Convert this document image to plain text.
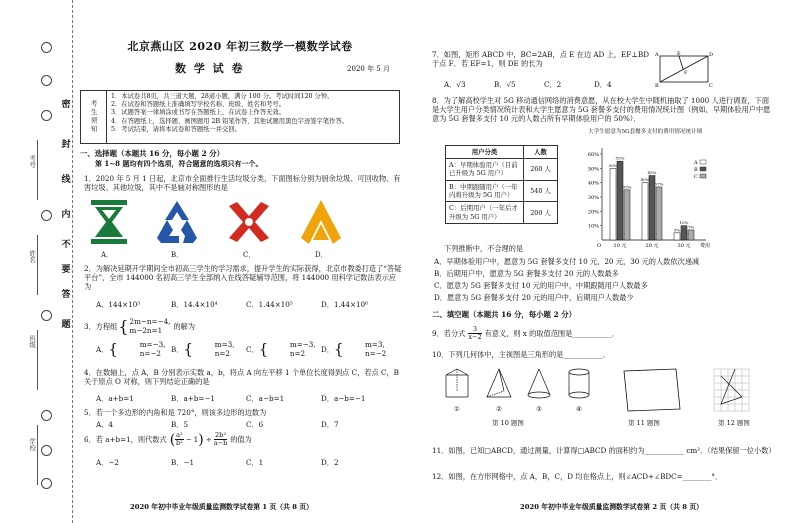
考号
姓名
班级
学校
密
封
线
内
不
要
答
题
北京燕山区 2020 年初三数学一模数学试卷
数 学 试 卷	2020 年 5 月
考生须知
1．本试卷共8页，共三道大题，28道小题，满分 100 分。考试时间120 分钟。
2．在试卷和答题纸上准确填写学校名称、班级、姓名和考号。
3．试题答案一律填涂或书写在答题纸上，在试卷上作答无效。
4．在答题纸上，选择题、画图题用 2B 铅笔作答，其他试题用黑色字迹签字笔作答。
5．考试结束，请将本试卷和答题纸一并交回。
一、选择题（本题共 16 分，每小题 2 分）
第 1~8 题均有四个选项，符合题意的选项只有一个。
1．2020 年 5 月 1 日起，北京市全面推行生活垃圾分类，下面图标分别为厨余垃圾、可回收物、有害垃圾、其他垃圾，其中不是轴对称图形的是
A．	B．	C．	D．
2．为解决延期开学期间全市初高三学生的学习需求，提升学生的实际获得，北京市教委打造了“答疑平台”，全市 144000 名初高三学生全部纳入在线答疑辅导范围，将 144000 用科学记数法表示应为
A．144×10³	B．14.4×10⁴	C．1.44×10⁵	D．1.44×10⁶
3．方程组 { 2m−n=−4,
m−2n=1	的解为
A． {	m=−3,
n=−2	B． {	m=3,
n=2	C． {	m=−3,
n=2	D． {	m=3,
n=−2
4．在数轴上，点 A，B 分别表示实数 a，b，将点 A 向左平移 1 个单位长度得到点 C，若点 C，B 关于原点 O 对称，则下列结论正确的是
A．a+b=1	B．a+b=−1	C．a−b=1	D．a−b=−1
5．若一个多边形的内角和是 720°，则该多边形的边数为
A．4	B．5	C．6	D．7
6．若 a+b=1，则代数式 ( $\frac{\text{a²}}{\text{b²}} - 1$ ) ÷ $\frac{\text{2b²}}{a-b}$ 的值为
A．−2	B．−1	C．1	D．2
2020 年初中毕业年级质量监测数学试卷第 1 页（共 8 页）
7．如图，矩形 ABCD 中，BC=2AB，点 E 在边 AD 上，EF⊥BD 于点 F．若 EF=1，则 DE 的长为
A．√3	B．√5	C．2	D．4
A	E	D
B
F
C
8．为了解高校学生对 5G 移动通信网络的消费意愿，从在校大学生中随机抽取了 1000 人进行调查，下面是大学生用户分类情况统计表和大学生愿意为 5G 套餐多支付的费用情况统计图（例如，早期体验用户中愿意为 5G 套餐多支付 10 元的人数占所有早期体验用户的 50%）．
用户分类	人数
A：早期体验用户（目前已升级为 5G 用户）	260 人
B：中期跟随用户（一年内将升级为 5G 用户）	540 人
C：后期用户（一年后才升级为 5G 用户）	200 人
大学生愿意为5G套餐多支付的费用情况统计图
60%
50%
40%
30%
20%
10%
O
50%
55%
35%
10 元
40%
45%
37%
20 元
5%
10%
7%
30 元 费用
A
B
C
下列推断中，不合理的是
A．早期体验用户中，愿意为 5G 套餐多支付 10 元，20 元，30 元的人数依次递减
B．后期用户中，愿意为 5G 套餐多支付 20 元的人数最多
C．愿意为 5G 套餐多支付 10 元的用户中，中期跟随用户人数最多
D．愿意为 5G 套餐多支付 20 元的用户中，后期用户人数最少
二、填空题（本题共 16 分，每小题 2 分）
9．若分式 $\frac{3}{x-2}$ 有意义，则 x 的取值范围是___________．
10．下列几何体中，主视图是三角形的是___________．
①	②	③	④
第 10 题图	第 11 题图	第 12 题图
11．如图，已知□ABCD，通过测量，计算得□ABCD 的面积约为___________ cm²．（结果保留一位小数）
12．如图，在方形网格中，点 A，B，C，D 均在格点上，则∠ACD+∠BDC=________°．
2020 年初中毕业年级质量监测数学试卷第 2 页（共 8 页）
